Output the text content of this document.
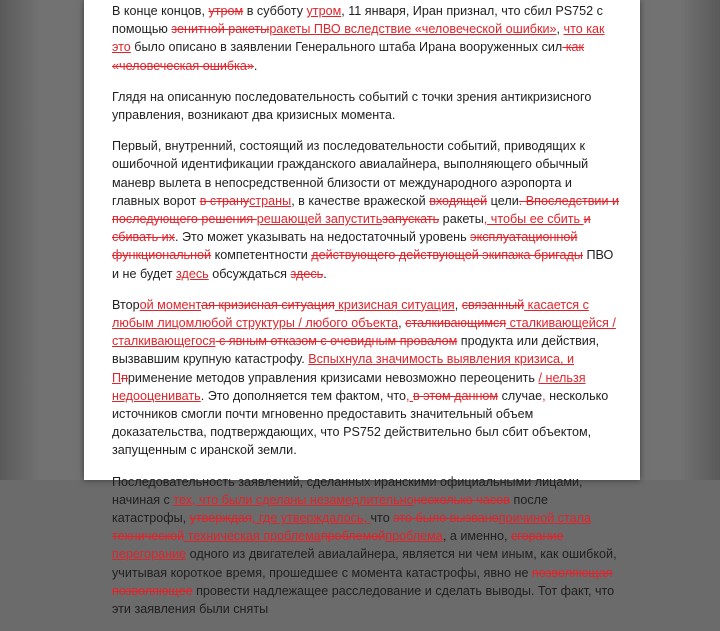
В конце концов, утром в субботу утром, 11 января, Иран признал, что сбил PS752 с помощью зенитной ракетыракеты ПВО вследствие «человеческой ошибки», что как это было описано в заявлении Генерального штаба Ирана вооруженных сил как «человеческая ошибка».

Глядя на описанную последовательность событий с точки зрения антикризисного управления, возникают два кризисных момента.

Первый, внутренний, состоящий из последовательности событий, приводящих к ошибочной идентификации гражданского авиалайнера, выполняющего обычный маневр вылета в непосредственной близости от международного аэропорта и главных ворот в странустраны, в качестве вражеской входящей цели. Впоследствии и последующего решения решающей запуститьзапускать ракеты, чтобы ее сбить и сбивать их. Это может указывать на недостаточный уровень эксплуатационной функциональной компетентности действующего действующей экипажа бригады ПВО и не будет здесь обсуждаться здесь.

Второй моментая кризисная ситуация кризисная ситуация, связанный касается с любым лицомлюбой структуры / любого объекта, сталкивающимся сталкивающейся / сталкивающегося с явным отказом с очевидным провалом продукта или действия, вызвавшим крупную катастрофу. Вспыхнула значимость выявления кризиса, и Пприменение методов управления кризисами невозможно переоценить / нельзя недооценивать. Это дополняется тем фактом, что, в этом данном случае, несколько источников смогли почти мгновенно предоставить значительный объем доказательства, подтверждающих, что PS752 действительно был сбит объектом, запущенным с иранской земли.

Последовательность заявлений, сделанных иранскими официальными лицами, начиная с тех, что были сделаны незамедлительнонесколько часов после катастрофы, утверждая, где утверждалось, что это было вызванопричиной стала технической техническая проблемапроблемойпроблема, а именно, сгорание перегорание одного из двигателей авиалайнера, является ни чем иным, как ошибкой, учитывая короткое время, прошедшее с момента катастрофы, явно не позволяющая позволяющее провести надлежащее расследование и сделать выводы. Тот факт, что эти заявления были сняты
